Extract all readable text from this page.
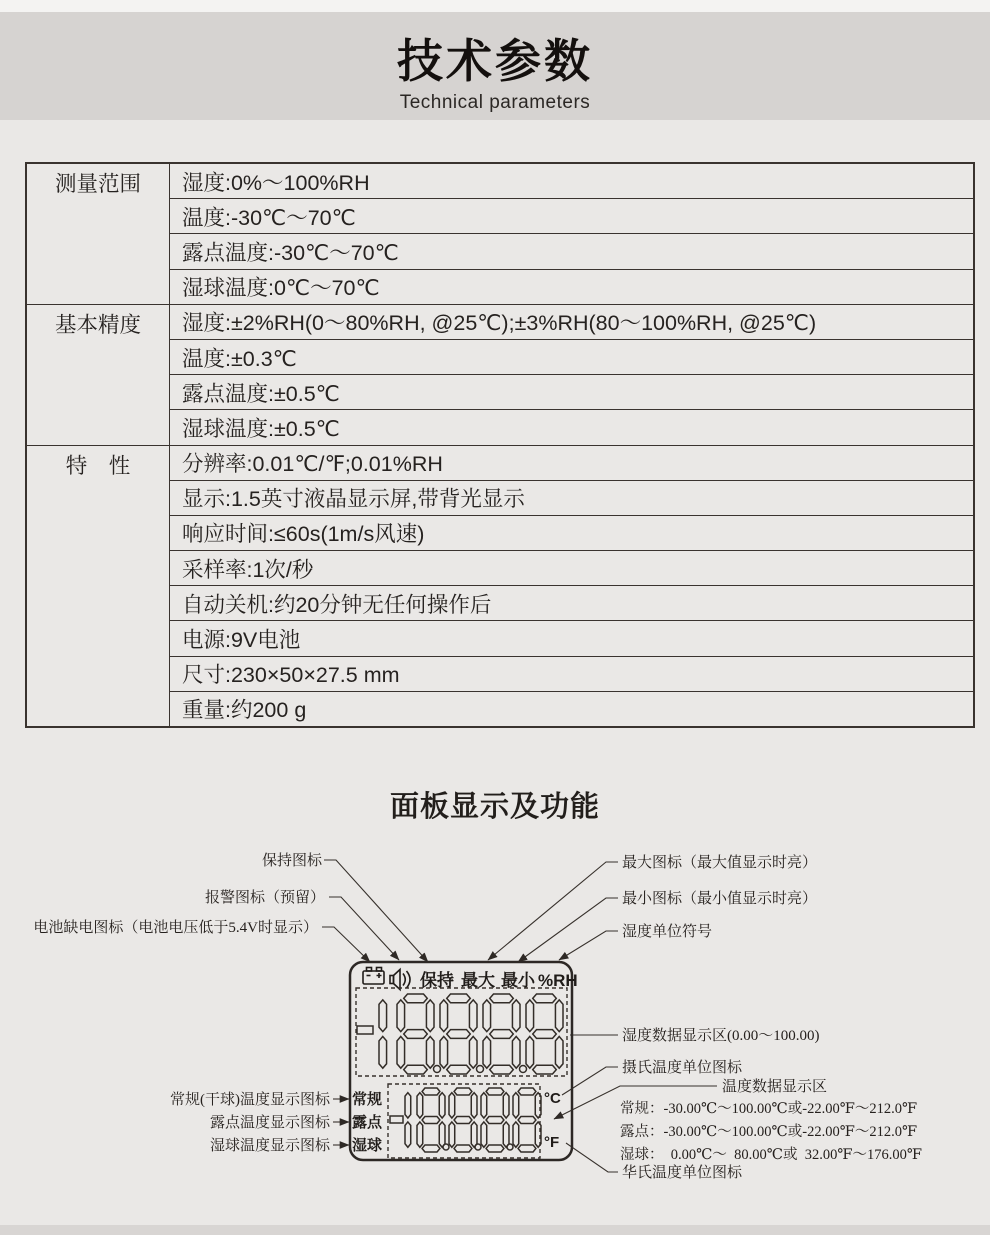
技术参数
Technical parameters
测量范围	湿度:0%～100%RH
	温度:-30℃～70℃
	露点温度:-30℃～70℃
	湿球温度:0℃～70℃
基本精度	湿度:±2%RH(0～80%RH, @25℃);±3%RH(80～100%RH, @25℃)
	温度:±0.3℃
	露点温度:±0.5℃
	湿球温度:±0.5℃
特　性	分辨率:0.01℃/℉;0.01%RH
	显示:1.5英寸液晶显示屏,带背光显示
	响应时间:≤60s(1m/s风速)
	采样率:1次/秒
	自动关机:约20分钟无任何操作后
	电源:9V电池
	尺寸:230×50×27.5 mm
	重量:约200 g
面板显示及功能
保持图标
报警图标（预留）
电池缺电图标（电池电压低于5.4V时显示）
最大图标（最大值显示时亮）
最小图标（最小值显示时亮）
湿度单位符号
湿度数据显示区(0.00～100.00)
摄氏温度单位图标
温度数据显示区
常规：-30.00℃～100.00℃或-22.00℉～212.0℉
露点：-30.00℃～100.00℃或-22.00℉～212.0℉
湿球：  0.00℃～  80.00℃或  32.00℉～176.00℉
华氏温度单位图标
常规(干球)温度显示图标
露点温度显示图标
湿球温度显示图标
保持 最大 最小 %RH
常规
露点
湿球
°C
°F
